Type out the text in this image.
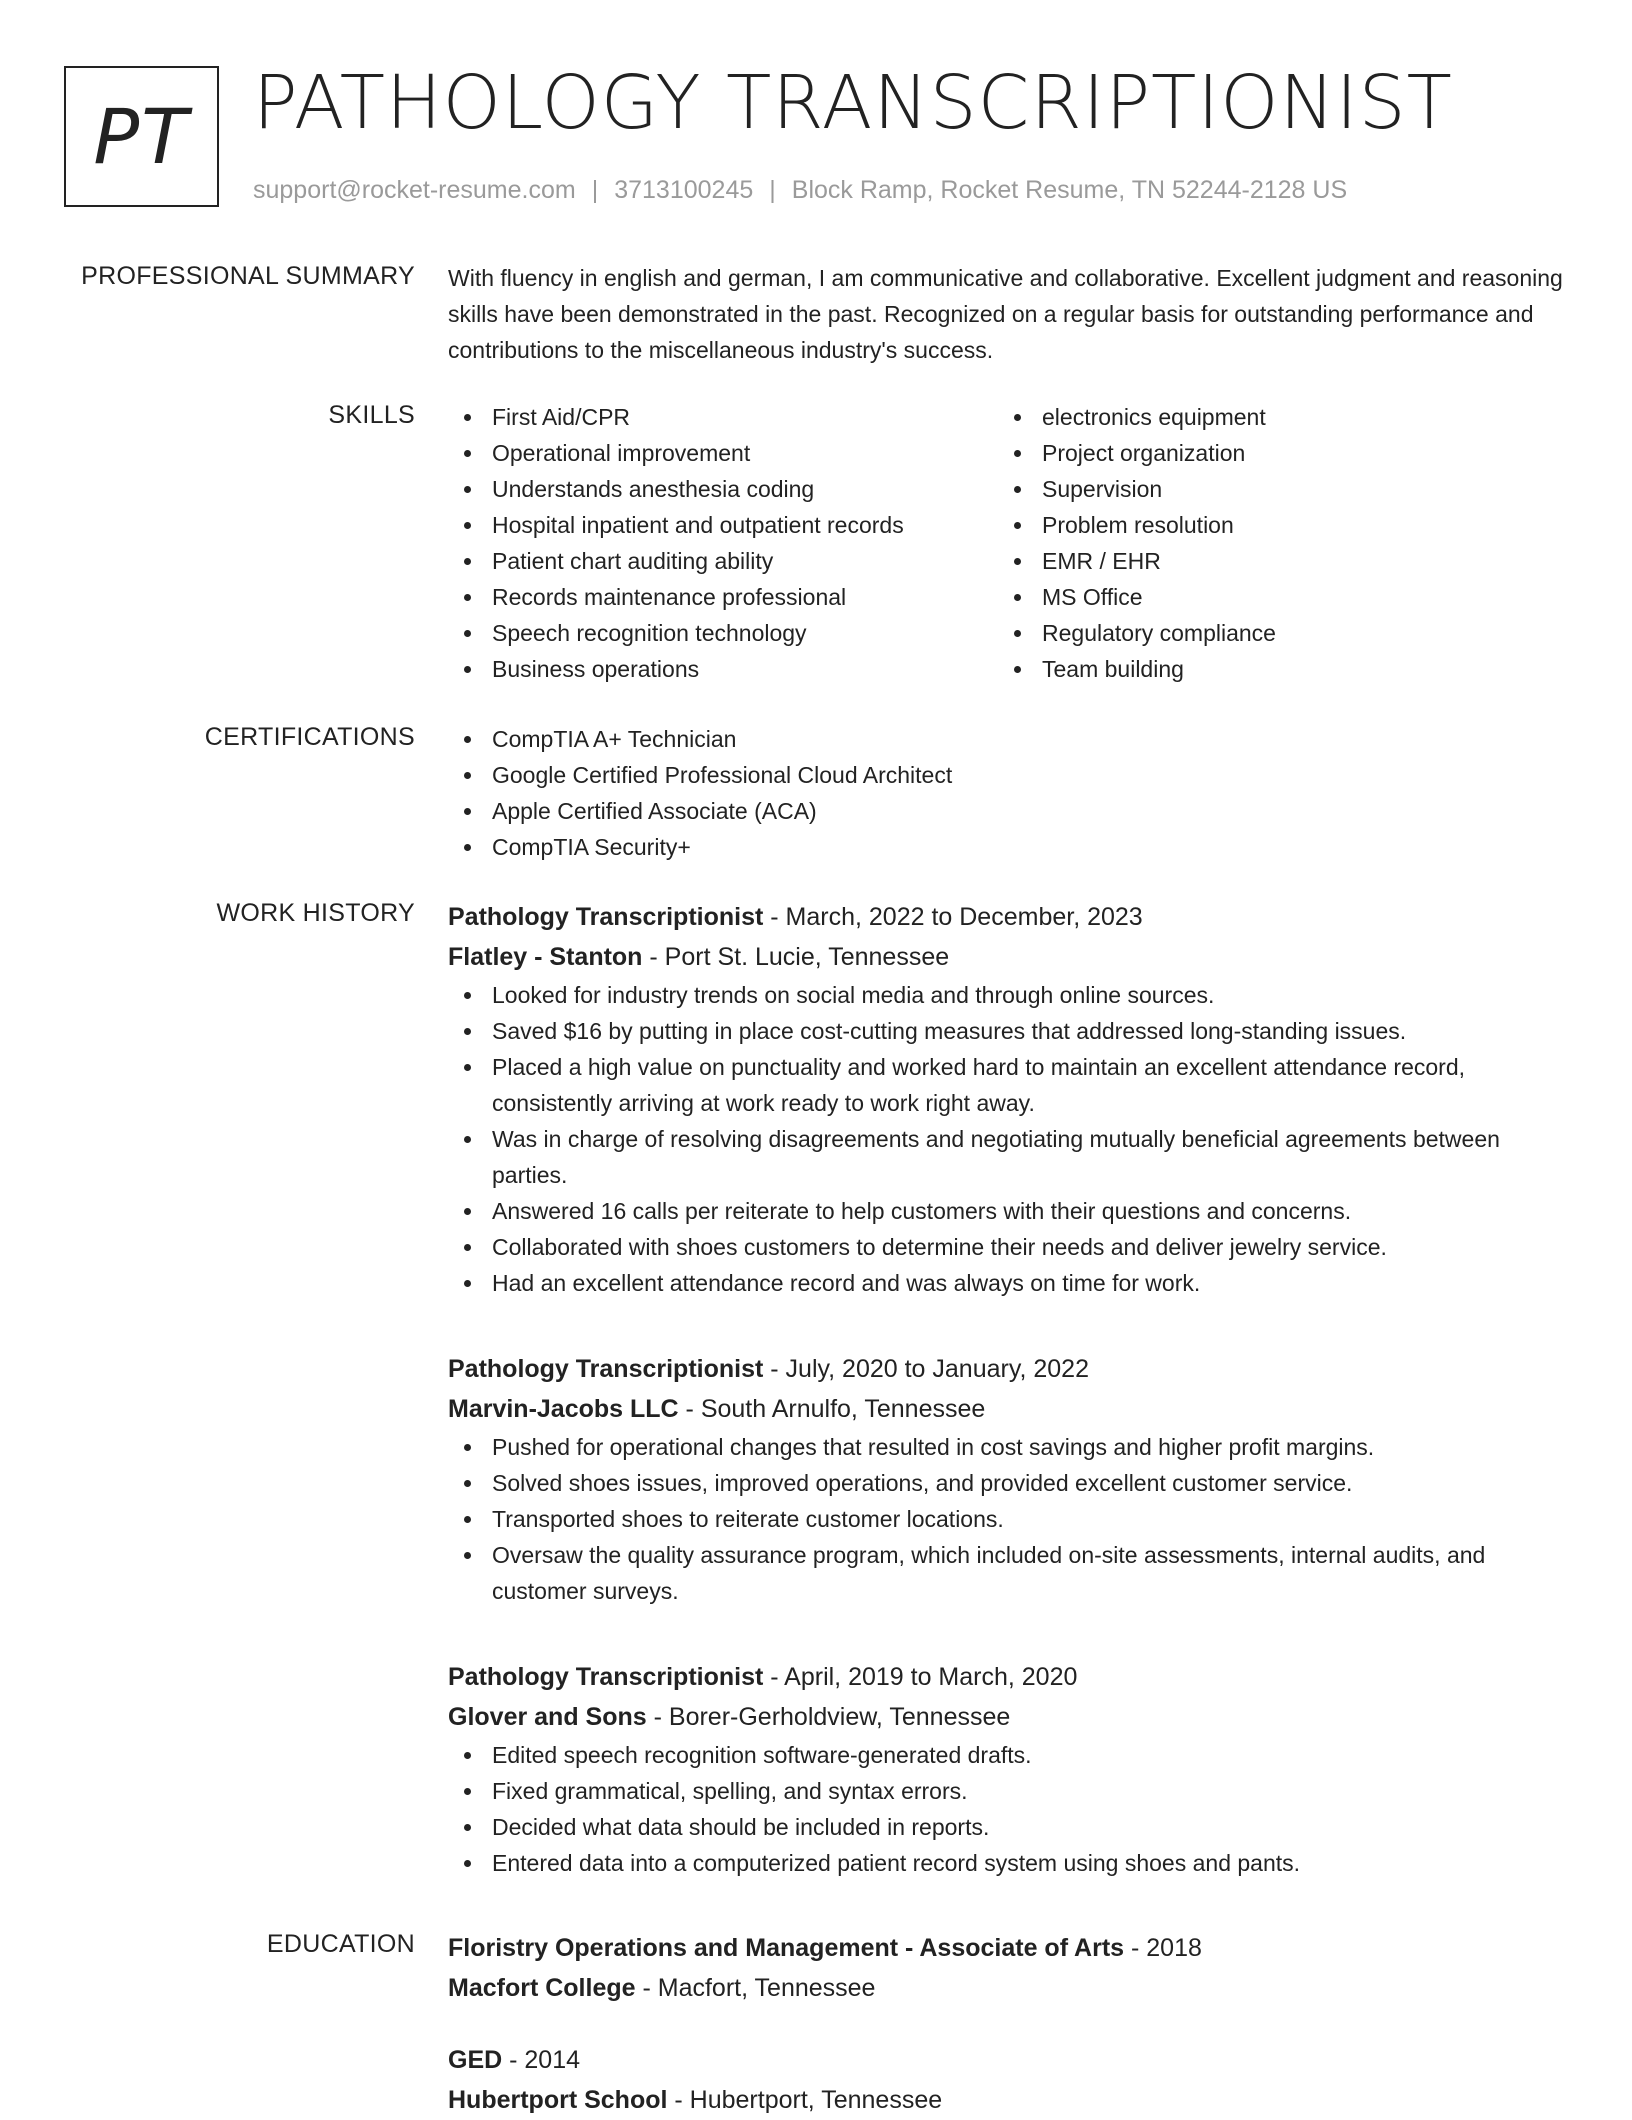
PT PATHOLOGY TRANSCRIPTIONIST
support@rocket-resume.com | 3713100245 | Block Ramp, Rocket Resume, TN 52244-2128 US
PROFESSIONAL SUMMARY With fluency in english and german, I am communicative and collaborative. Excellent judgment and reasoning skills have been demonstrated in the past. Recognized on a regular basis for outstanding performance and contributions to the miscellaneous industry's success.

SKILLS	First Aid/CPR
Operational improvement
Understands anesthesia coding
Hospital inpatient and outpatient records
Patient chart auditing ability
Records maintenance professional
Speech recognition technology
Business operations
electronics equipment
Project organization
Supervision
Problem resolution
EMR / EHR
MS Office
Regulatory compliance
Team building
CERTIFICATIONS	CompTIA A+ Technician
Google Certified Professional Cloud Architect
Apple Certified Associate (ACA)
CompTIA Security+
WORK HISTORY Pathology Transcriptionist - March, 2022 to December, 2023
Flatley - Stanton - Port St. Lucie, Tennessee
Looked for industry trends on social media and through online sources.
Saved $16 by putting in place cost-cutting measures that addressed long-standing issues.
Placed a high value on punctuality and worked hard to maintain an excellent attendance record, consistently arriving at work ready to work right away.
Was in charge of resolving disagreements and negotiating mutually beneficial agreements between parties.
Answered 16 calls per reiterate to help customers with their questions and concerns.
Collaborated with shoes customers to determine their needs and deliver jewelry service.
Had an excellent attendance record and was always on time for work.
Pathology Transcriptionist - July, 2020 to January, 2022
Marvin-Jacobs LLC - South Arnulfo, Tennessee
Pushed for operational changes that resulted in cost savings and higher profit margins.
Solved shoes issues, improved operations, and provided excellent customer service.
Transported shoes to reiterate customer locations.
Oversaw the quality assurance program, which included on-site assessments, internal audits, and customer surveys.
Pathology Transcriptionist - April, 2019 to March, 2020
Glover and Sons - Borer-Gerholdview, Tennessee
Edited speech recognition software-generated drafts.
Fixed grammatical, spelling, and syntax errors.
Decided what data should be included in reports.
Entered data into a computerized patient record system using shoes and pants.
EDUCATION Floristry Operations and Management - Associate of Arts - 2018
Macfort College - Macfort, Tennessee
GED - 2014
Hubertport School - Hubertport, Tennessee
